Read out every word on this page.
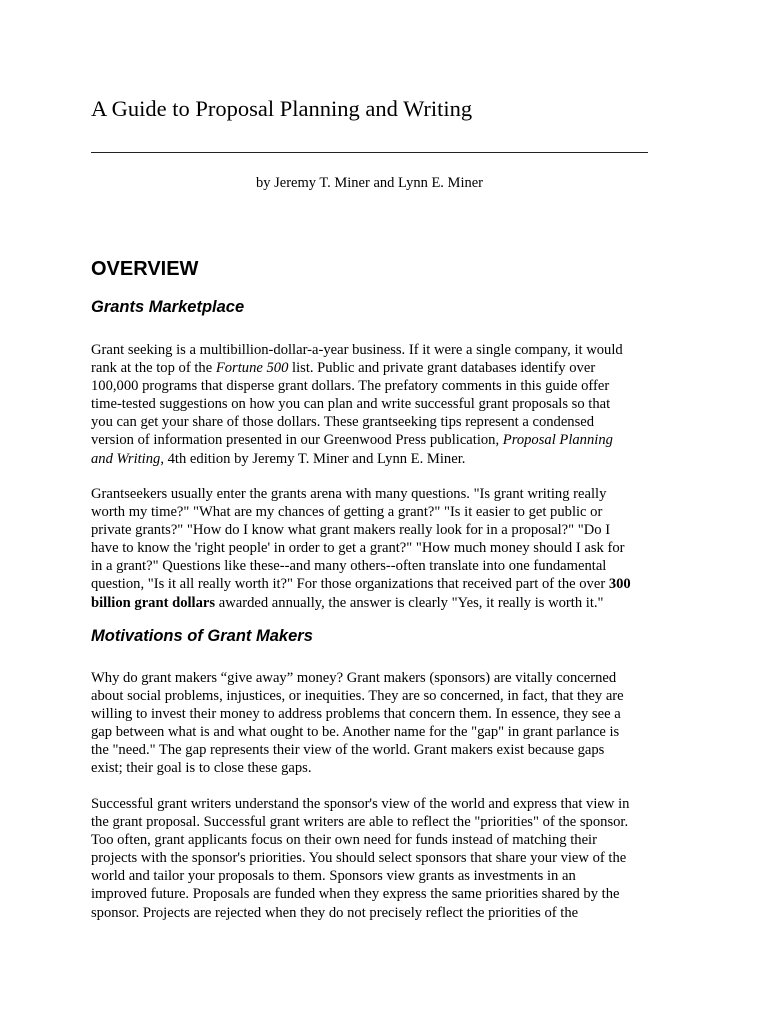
A Guide to Proposal Planning and Writing
by Jeremy T. Miner and Lynn E. Miner
OVERVIEW
Grants Marketplace

Grant seeking is a multibillion-dollar-a-year business. If it were a single company, it would
rank at the top of the Fortune 500 list. Public and private grant databases identify over
100,000 programs that disperse grant dollars. The prefatory comments in this guide offer
time-tested suggestions on how you can plan and write successful grant proposals so that
you can get your share of those dollars. These grantseeking tips represent a condensed
version of information presented in our Greenwood Press publication, Proposal Planning
and Writing, 4th edition by Jeremy T. Miner and Lynn E. Miner.

Grantseekers usually enter the grants arena with many questions. "Is grant writing really
worth my time?" "What are my chances of getting a grant?" "Is it easier to get public or
private grants?" "How do I know what grant makers really look for in a proposal?" "Do I
have to know the 'right people' in order to get a grant?" "How much money should I ask for
in a grant?" Questions like these--and many others--often translate into one fundamental
question, "Is it all really worth it?" For those organizations that received part of the over 300
billion grant dollars awarded annually, the answer is clearly "Yes, it really is worth it."

Motivations of Grant Makers

Why do grant makers “give away” money? Grant makers (sponsors) are vitally concerned
about social problems, injustices, or inequities. They are so concerned, in fact, that they are
willing to invest their money to address problems that concern them. In essence, they see a
gap between what is and what ought to be. Another name for the "gap" in grant parlance is
the "need." The gap represents their view of the world. Grant makers exist because gaps
exist; their goal is to close these gaps.

Successful grant writers understand the sponsor's view of the world and express that view in
the grant proposal. Successful grant writers are able to reflect the "priorities" of the sponsor.
Too often, grant applicants focus on their own need for funds instead of matching their
projects with the sponsor's priorities. You should select sponsors that share your view of the
world and tailor your proposals to them. Sponsors view grants as investments in an
improved future. Proposals are funded when they express the same priorities shared by the
sponsor. Projects are rejected when they do not precisely reflect the priorities of the
